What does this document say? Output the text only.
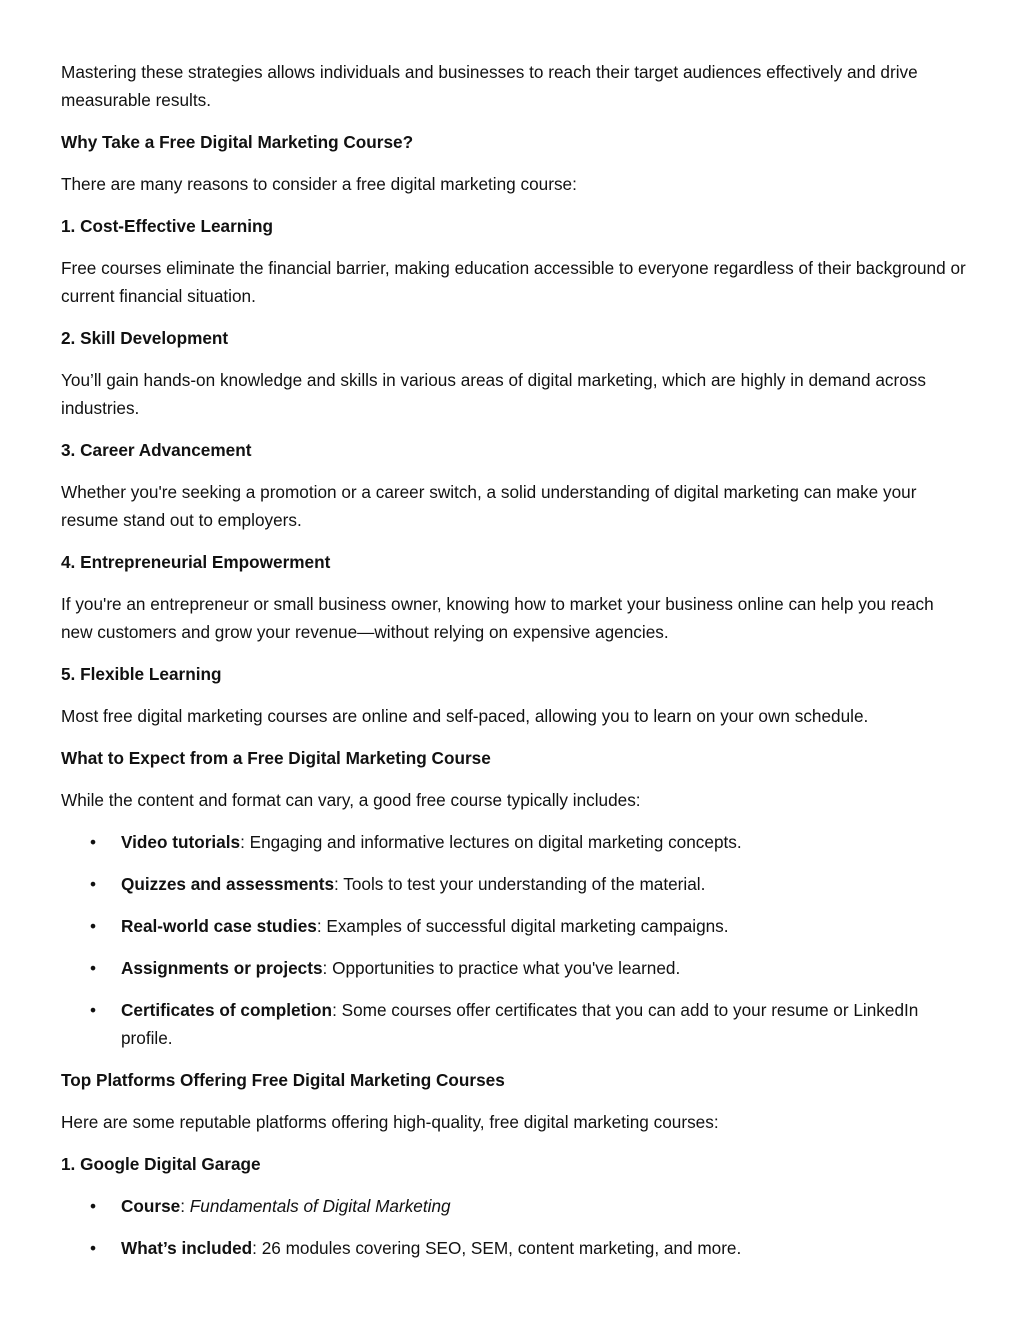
Mastering these strategies allows individuals and businesses to reach their target audiences effectively and drive measurable results.

Why Take a Free Digital Marketing Course?

There are many reasons to consider a free digital marketing course:

1. Cost-Effective Learning

Free courses eliminate the financial barrier, making education accessible to everyone regardless of their background or current financial situation.

2. Skill Development

You’ll gain hands-on knowledge and skills in various areas of digital marketing, which are highly in demand across industries.

3. Career Advancement

Whether you're seeking a promotion or a career switch, a solid understanding of digital marketing can make your resume stand out to employers.

4. Entrepreneurial Empowerment

If you're an entrepreneur or small business owner, knowing how to market your business online can help you reach new customers and grow your revenue—without relying on expensive agencies.

5. Flexible Learning

Most free digital marketing courses are online and self-paced, allowing you to learn on your own schedule.

What to Expect from a Free Digital Marketing Course

While the content and format can vary, a good free course typically includes:

• Video tutorials: Engaging and informative lectures on digital marketing concepts.
• Quizzes and assessments: Tools to test your understanding of the material.
• Real-world case studies: Examples of successful digital marketing campaigns.
• Assignments or projects: Opportunities to practice what you've learned.
• Certificates of completion: Some courses offer certificates that you can add to your resume or LinkedIn profile.

Top Platforms Offering Free Digital Marketing Courses

Here are some reputable platforms offering high-quality, free digital marketing courses:

1. Google Digital Garage

• Course: Fundamentals of Digital Marketing
• What’s included: 26 modules covering SEO, SEM, content marketing, and more.
